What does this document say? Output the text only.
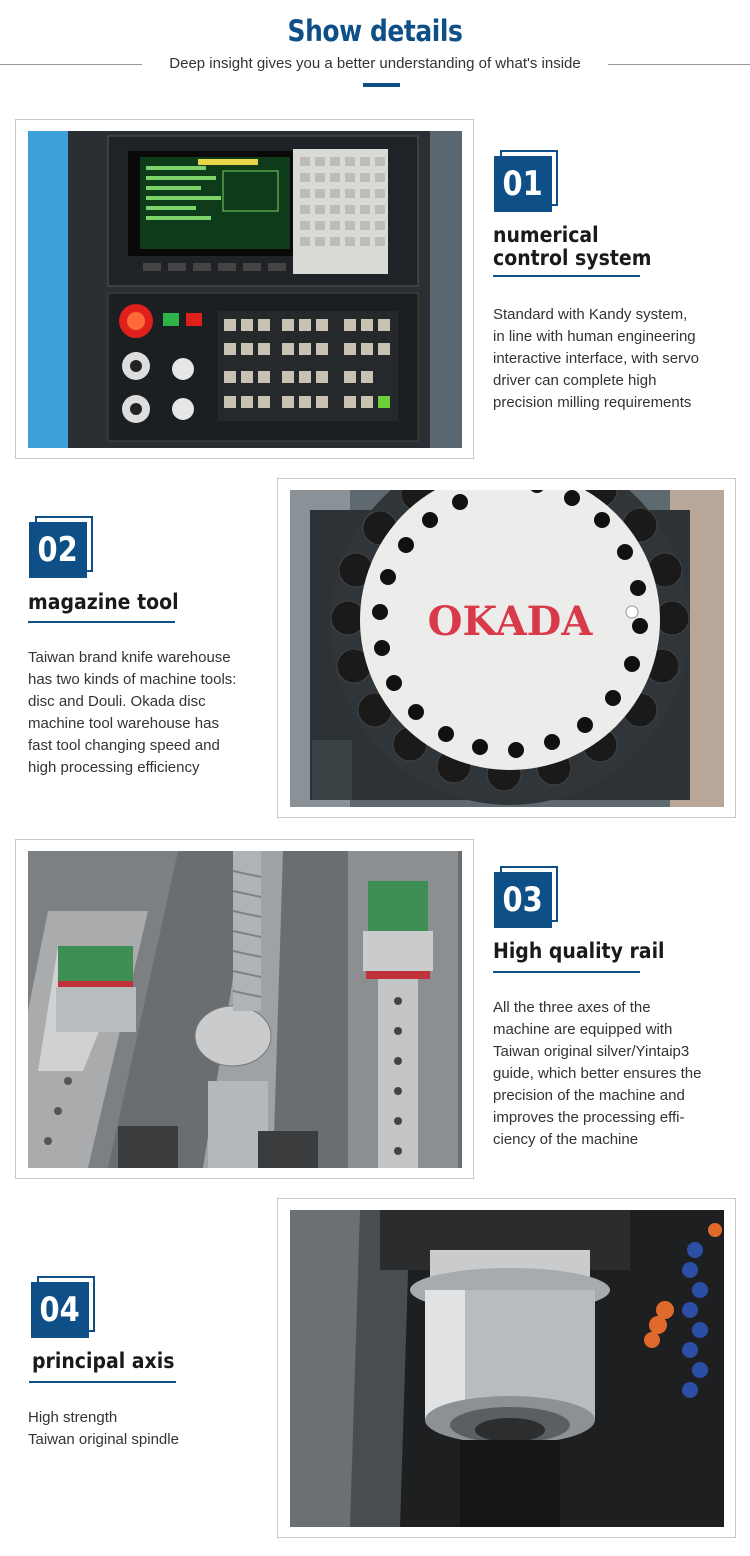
Show details
Deep insight gives you a better understanding of what's inside
01
numerical
control system
Standard with Kandy system,
in line with human engineering
interactive interface, with servo
driver can complete high
precision milling requirements
OKADA
02
magazine tool
Taiwan brand knife warehouse
has two kinds of machine tools:
disc and Douli. Okada disc
machine tool warehouse has
fast tool changing speed and
high processing efficiency
03
High quality rail
All the three axes of the
machine are equipped with
Taiwan original silver/Yintaip3
guide, which better ensures the
precision of the machine and
improves the processing effi-
ciency of the machine
04
principal axis
High strength
Taiwan original spindle
